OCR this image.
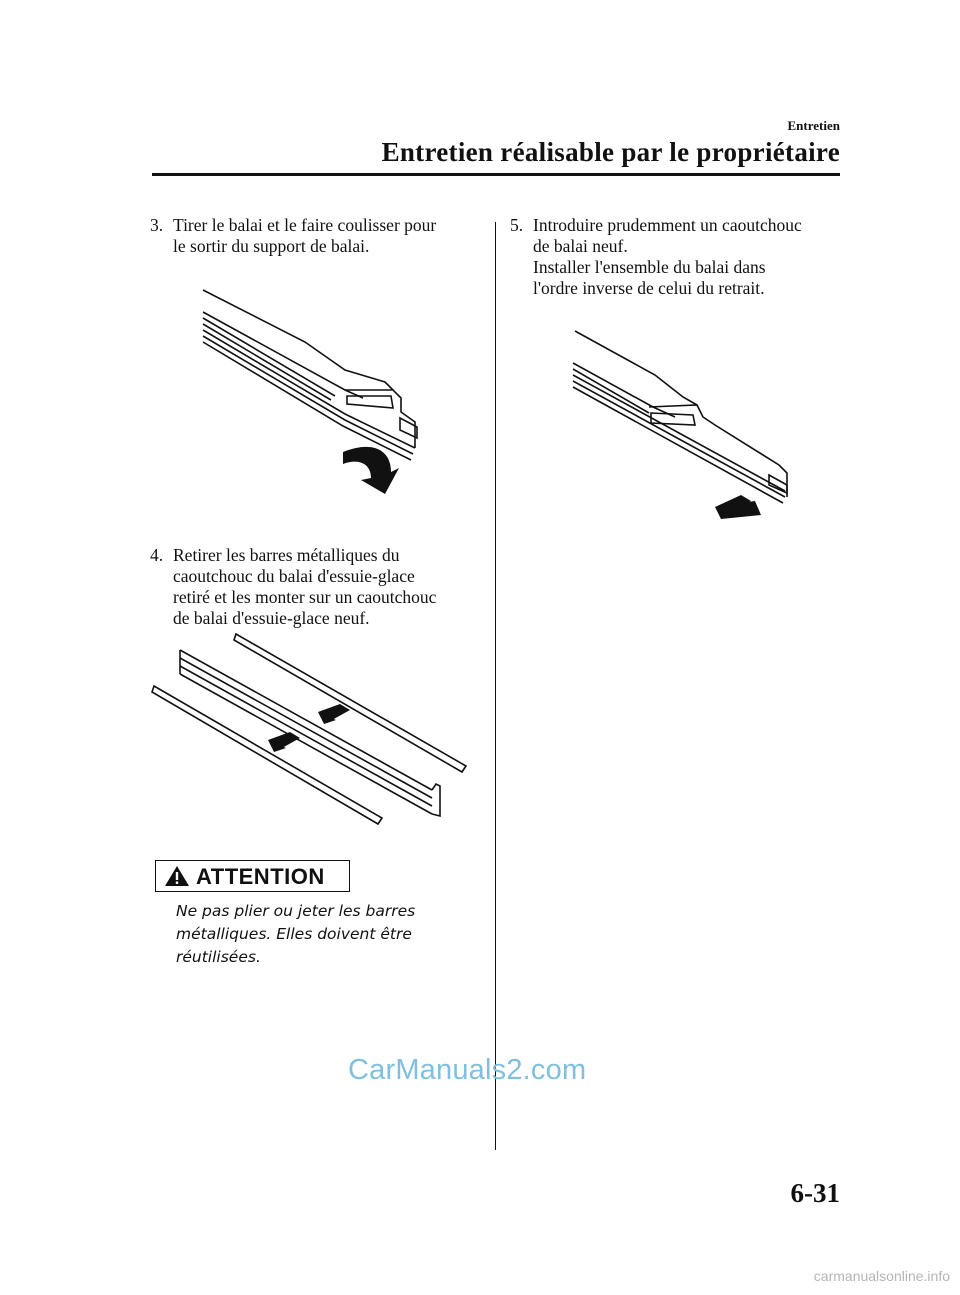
Entretien
Entretien réalisable par le propriétaire
3. Tirer le balai et le faire coulisser pour
le sortir du support de balai.
4. Retirer les barres métalliques du
caoutchouc du balai d'essuie-glace
retiré et les monter sur un caoutchouc
de balai d'essuie-glace neuf.
5. Introduire prudemment un caoutchouc
de balai neuf.
Installer l'ensemble du balai dans
l'ordre inverse de celui du retrait.
ATTENTION
Ne pas plier ou jeter les barres
métalliques. Elles doivent être
réutilisées.
CarManuals2.com
6-31
carmanualsonline.info
